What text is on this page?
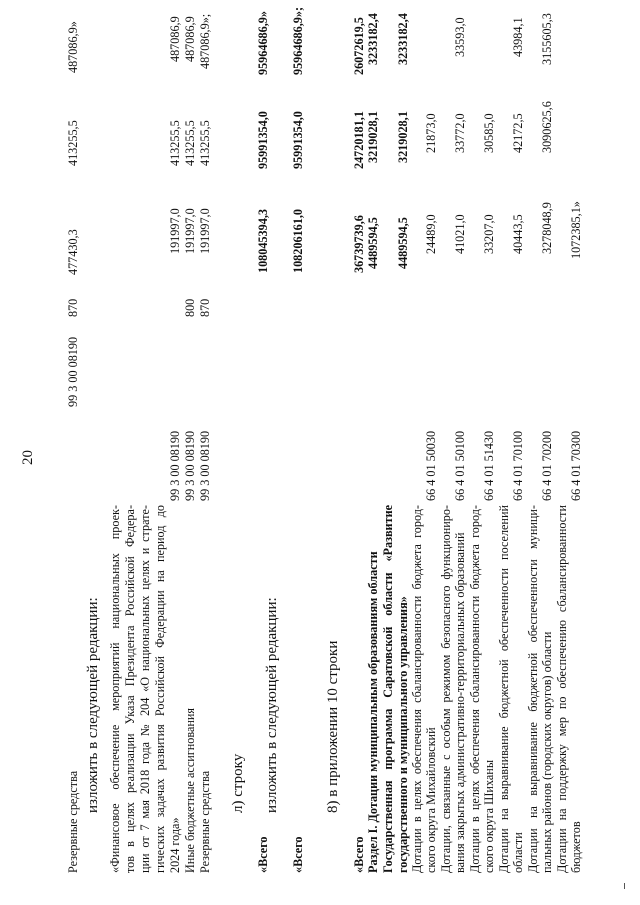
20
Резервные средства
99 3 00 08190
870
477430,3
413255,5
487086,9»
изложить в следующей редакции: «Финансовое обеспечение мероприятий национальных проек- тов в целях реализации Указа Президента Российской Федера- ции от 7 мая 2018 года № 204 «О национальных целях и страте- гических задачах развития Российской Федерации на период до 2024 года»
99 3 00 08190
191997,0
413255,5
487086,9
Иные бюджетные ассигнования
99 3 00 08190
800
191997,0
413255,5
487086,9
Резервные средства
99 3 00 08190
870
191997,0
413255,5
487086,9»;
л) строку
«Всего
108045394,3
95991354,0
95964686,9»
изложить в следующей редакции:
«Всего
108206161,0
95991354,0
95964686,9»;
8) в приложении 10 строки
«Всего
36739739,6
24720181,1
26072619,5
Раздел I. Дотации муниципальным образованиям области
4489594,5
3219028,1
3233182,4
Государственная программа Саратовской области «Развитие государственного и муниципального управления»
4489594,5
3219028,1
3233182,4
Дотации в целях обеспечения сбалансированности бюджета город- ского округа Михайловский
66 4 01 50030
24489,0
21873,0
Дотации, связанные с особым режимом безопасного функциониро- вания закрытых административно-территориальных образований
66 4 01 50100
41021,0
33772,0
33593,0
Дотации в целях обеспечения сбалансированности бюджета город- ского округа Шиханы
66 4 01 51430
33207,0
30585,0
Дотации на выравнивание бюджетной обеспеченности поселений области
66 4 01 70100
40443,5
42172,5
43984,1
Дотации на выравнивание бюджетной обеспеченности муници- пальных районов (городских округов) области
66 4 01 70200
3278048,9
3090625,6
3155605,3
Дотации на поддержку мер по обеспечению сбалансированности бюджетов
66 4 01 70300
1072385,1»
